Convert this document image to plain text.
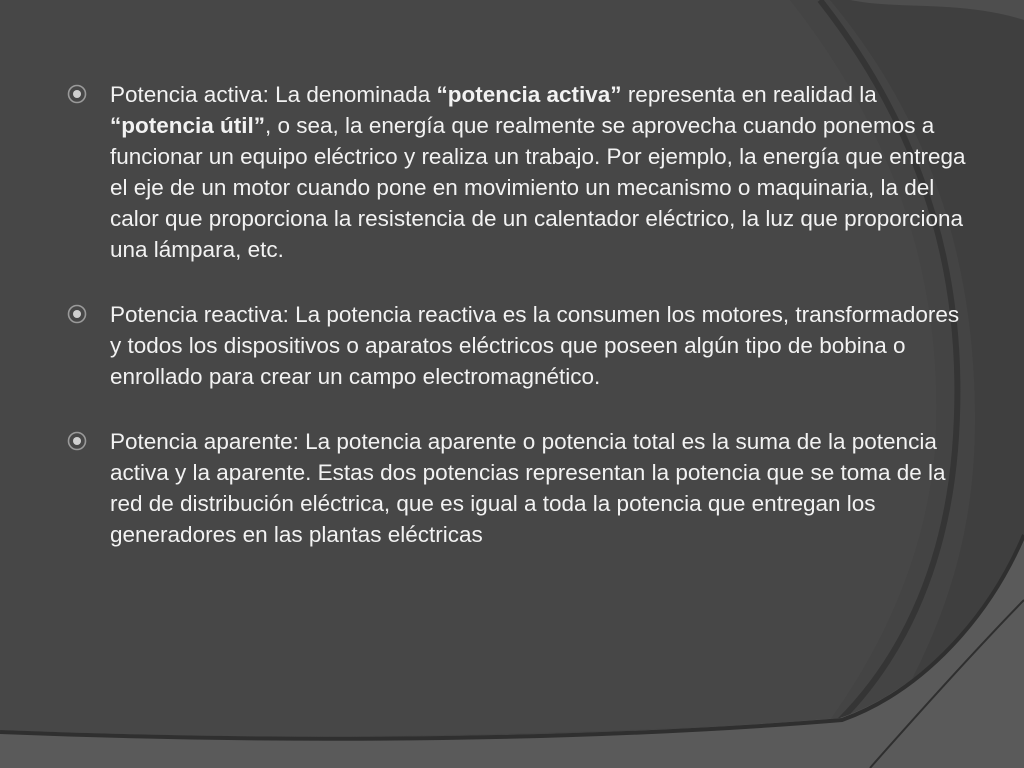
Potencia activa: La denominada “potencia activa” representa en realidad la “potencia útil”, o sea, la energía que realmente se aprovecha cuando ponemos a funcionar un equipo eléctrico y realiza un trabajo. Por ejemplo, la energía que entrega el eje de un motor cuando pone en movimiento un mecanismo o maquinaria, la del calor que proporciona la resistencia de un calentador eléctrico, la luz que proporciona una lámpara, etc.

Potencia reactiva: La potencia reactiva es la consumen los motores, transformadores y todos los dispositivos o aparatos eléctricos que poseen algún tipo de bobina o enrollado para crear un campo electromagnético.

Potencia aparente: La potencia aparente o potencia total es la suma de la potencia activa y la aparente. Estas dos potencias representan la potencia que se toma de la red de distribución eléctrica, que es igual a toda la potencia que entregan los generadores en las plantas eléctricas
